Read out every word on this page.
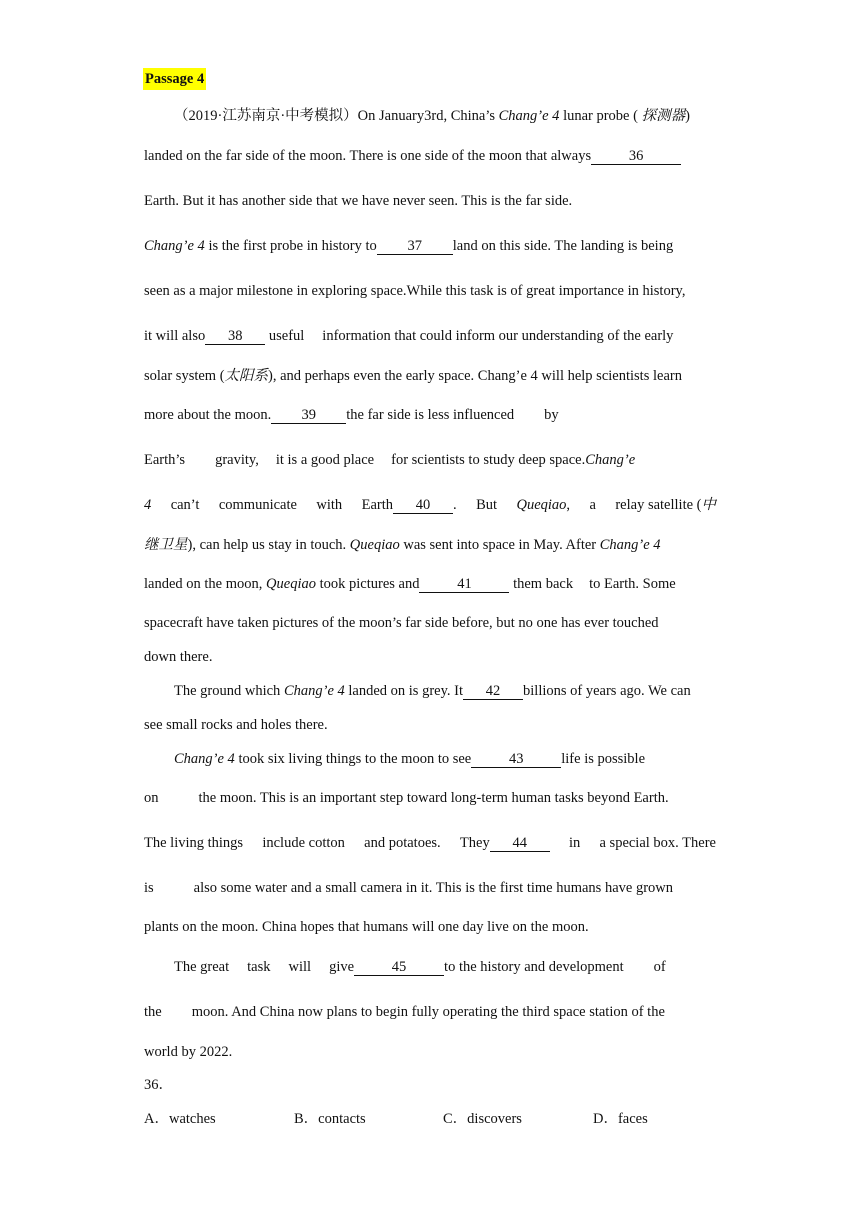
Passage 4
（2019·江苏南京·中考模拟）On January3rd, China’s Chang’e 4 lunar probe ( 探测器)
landed on the far side of the moon. There is one side of the moon that always	36
Earth. But it has another side that we have never seen. This is the far side.
Chang’e 4 is the first probe in history to 37 land on this side. The landing is being
seen as a major milestone in exploring space.While this task is of great importance in history,
it will also 38 useful information that could inform our understanding of the early
solar system (太阳系), and perhaps even the early space. Chang’e 4 will help scientists learn
more about the moon. 39 the far side is less influenced by
Earth’s gravity, it is a good place for scientists to study deep space.Chang’e
4 can’t communicate with Earth 40 . But Queqiao, a relay satellite (中
继卫星), can help us stay in touch. Queqiao was sent into space in May. After Chang’e 4
landed on the moon, Queqiao took pictures and	41	them back to Earth. Some
spacecraft have taken pictures of the moon’s far side before, but no one has ever touched
down there.
The ground which Chang’e 4 landed on is grey. It 42 billions of years ago. We can
see small rocks and holes there.
Chang’e 4 took six living things to the moon to see	43	life is possible
on	the moon. This is an important step toward long-term human tasks beyond Earth.
The living things include cotton and potatoes. They 44	in a special box. There
is	also some water and a small camera in it. This is the first time humans have grown
plants on the moon. China hopes that humans will one day live on the moon.
The great task will give	45	to the history and development of
the moon. And China now plans to begin fully operating the third space station of the
world by 2022.
36．
A．watches	B．contacts	C．discovers	D．faces
